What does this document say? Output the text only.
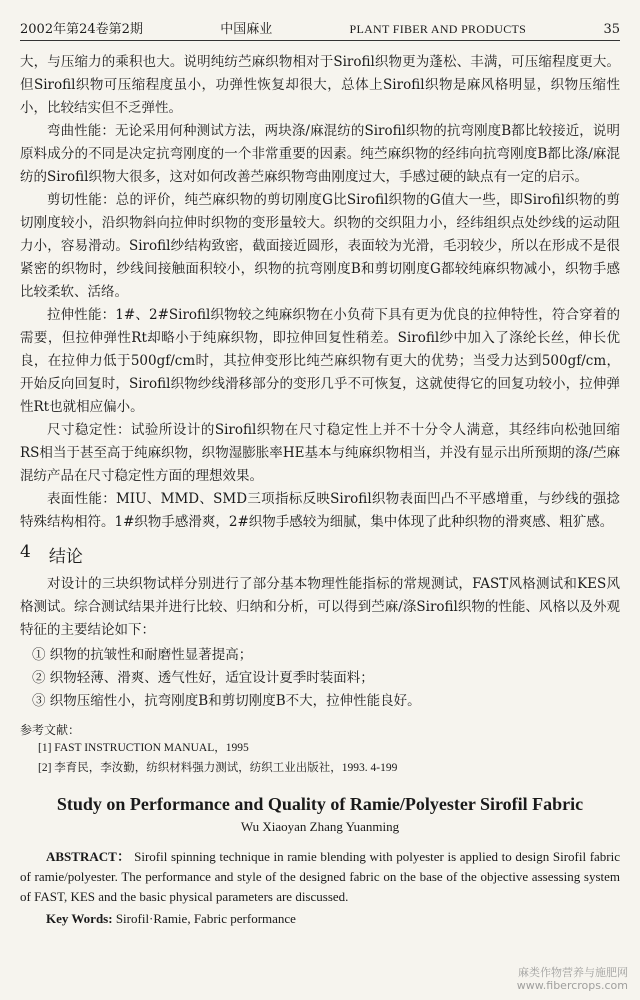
2002年第24卷第2期	中国麻业	PLANT FIBER AND PRODUCTS	35

大，与压缩力的乘积也大。说明纯纺苎麻织物相对于Sirofil织物更为蓬松、丰满，可压缩程度更大。但Sirofil织物可压缩程度虽小，功弹性恢复却很大，总体上Sirofil织物是麻风格明显，织物压缩性小，比较结实但不乏弹性。

弯曲性能：无论采用何种测试方法，两块涤/麻混纺的Sirofil织物的抗弯刚度B都比较接近，说明原料成分的不同是决定抗弯刚度的一个非常重要的因素。纯苎麻织物的经纬向抗弯刚度B都比涤/麻混纺的Sirofil织物大很多，这对如何改善苎麻织物弯曲刚度过大，手感过硬的缺点有一定的启示。

剪切性能：总的评价，纯苎麻织物的剪切刚度G比Sirofil织物的G值大一些，即Sirofil织物的剪切刚度较小，沿织物斜向拉伸时织物的变形量较大。织物的交织阻力小，经纬组织点处纱线的运动阻力小，容易滑动。Sirofil纱结构致密，截面接近圆形，表面较为光滑，毛羽较少，所以在形成不是很紧密的织物时，纱线间接触面积较小，织物的抗弯刚度B和剪切刚度G都较纯麻织物减小，织物手感比较柔软、活络。

拉伸性能：1#、2#Sirofil织物较之纯麻织物在小负荷下具有更为优良的拉伸特性，符合穿着的需要，但拉伸弹性Rt却略小于纯麻织物，即拉伸回复性稍差。Sirofil纱中加入了涤纶长丝，伸长优良，在拉伸力低于500gf/cm时，其拉伸变形比纯苎麻织物有更大的优势；当受力达到500gf/cm，开始反向回复时，Sirofil织物纱线滑移部分的变形几乎不可恢复，这就使得它的回复功较小，拉伸弹性Rt也就相应偏小。

尺寸稳定性：试验所设计的Sirofil织物在尺寸稳定性上并不十分令人满意，其经纬向松弛回缩RS相当于甚至高于纯麻织物，织物湿膨胀率HE基本与纯麻织物相当，并没有显示出所预期的涤/苎麻混纺产品在尺寸稳定性方面的理想效果。

表面性能：MIU、MMD、SMD三项指标反映Sirofil织物表面凹凸不平感增重，与纱线的强捻特殊结构相符。1#织物手感滑爽，2#织物手感较为细腻，集中体现了此种织物的滑爽感、粗犷感。

4 结论

对设计的三块织物试样分别进行了部分基本物理性能指标的常规测试，FAST风格测试和KES风格测试。综合测试结果并进行比较、归纳和分析，可以得到苎麻/涤Sirofil织物的性能、风格以及外观特征的主要结论如下：

① 织物的抗皱性和耐磨性显著提高；
② 织物轻薄、滑爽、透气性好，适宜设计夏季时装面料；
③ 织物压缩性小，抗弯刚度B和剪切刚度B不大，拉伸性能良好。
参考文献：
[1] FAST INSTRUCTION MANUAL，1995
[2] 李育民，李汝勤，纺织材料强力测试，纺织工业出版社，1993. 4-199
Study on Performance and Quality of Ramie/Polyester Sirofil Fabric
Wu Xiaoyan Zhang Yuanming
ABSTRACT： Sirofil spinning technique in ramie blending with polyester is applied to design Sirofil fabric of ramie/polyester. The performance and style of the designed fabric on the base of the objective assessing system of FAST, KES and the basic physical parameters are discussed.
Key Words: Sirofil·Ramie, Fabric performance
麻类作物营养与施肥网
www.fibercrops.com
